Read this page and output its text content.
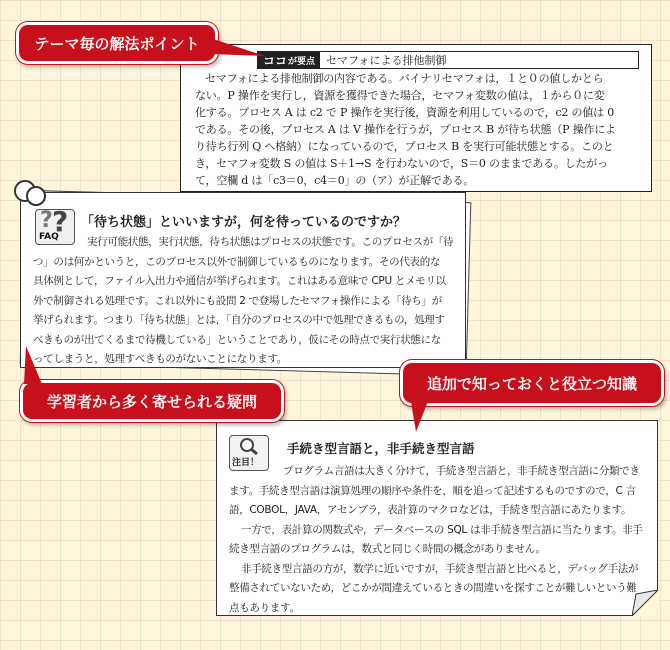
ココ が要点	セマフォによる排他制御
セマフォによる排他制御の内容である。バイナリセマフォは，１と０の値しかとら
ない。P 操作を実行し，資源を獲得できた場合，セマフォ変数の値は，１から０に変
化する。プロセス A は c2 で P 操作を実行後，資源を利用しているので，c2 の値は 0
である。その後，プロセス A は V 操作を行うが，プロセス B が待ち状態（P 操作によ
り待ち行列 Q へ格納）になっているので，プロセス B を実行可能状態とする。このと
き，セマフォ変数 S の値は S＋1→S を行わないので，S＝0 のままである。したがっ
て，空欄 d は「c3＝0，c4＝0」の（ア）が正解である。
テーマ毎の解法ポイント
? ?
FAQ
「待ち状態」といいますが，何を待っているのですか？
実行可能状態，実行状態，待ち状態はプロセスの状態です。このプロセスが「待
つ」のは何かというと，このプロセス以外で制御しているものになります。その代表的な
具体例として，ファイル入出力や通信が挙げられます。これはある意味で CPU とメモリ以
外で制御される処理です。これ以外にも設問 2 で登場したセマフォ操作による「待ち」が
挙げられます。つまり「待ち状態」とは，「自分のプロセスの中で処理できるもの，処理す
べきものが出てくるまで待機している」ということであり，仮にその時点で実行状態にな
ってしまうと，処理すべきものがないことになります。
学習者から多く寄せられる疑問
注目！
手続き型言語と，非手続き型言語
プログラム言語は大きく分けて，手続き型言語と，非手続き型言語に分類でき
ます。手続き型言語は演算処理の順序や条件を，順を追って記述するものですので，C 言
語，COBOL，JAVA，アセンブラ，表計算のマクロなどは，手続き型言語にあたります。
一方で，表計算の関数式や，データベースの SQL は非手続き型言語に当たります。非手
続き型言語のプログラムは，数式と同じく時間の概念がありません。
非手続き型言語の方が，数学に近いですが，手続き型言語と比べると，デバッグ手法が
整備されていないため，どこかが間違えているときの間違いを探すことが難しいという難
点もあります。
追加で知っておくと役立つ知識
